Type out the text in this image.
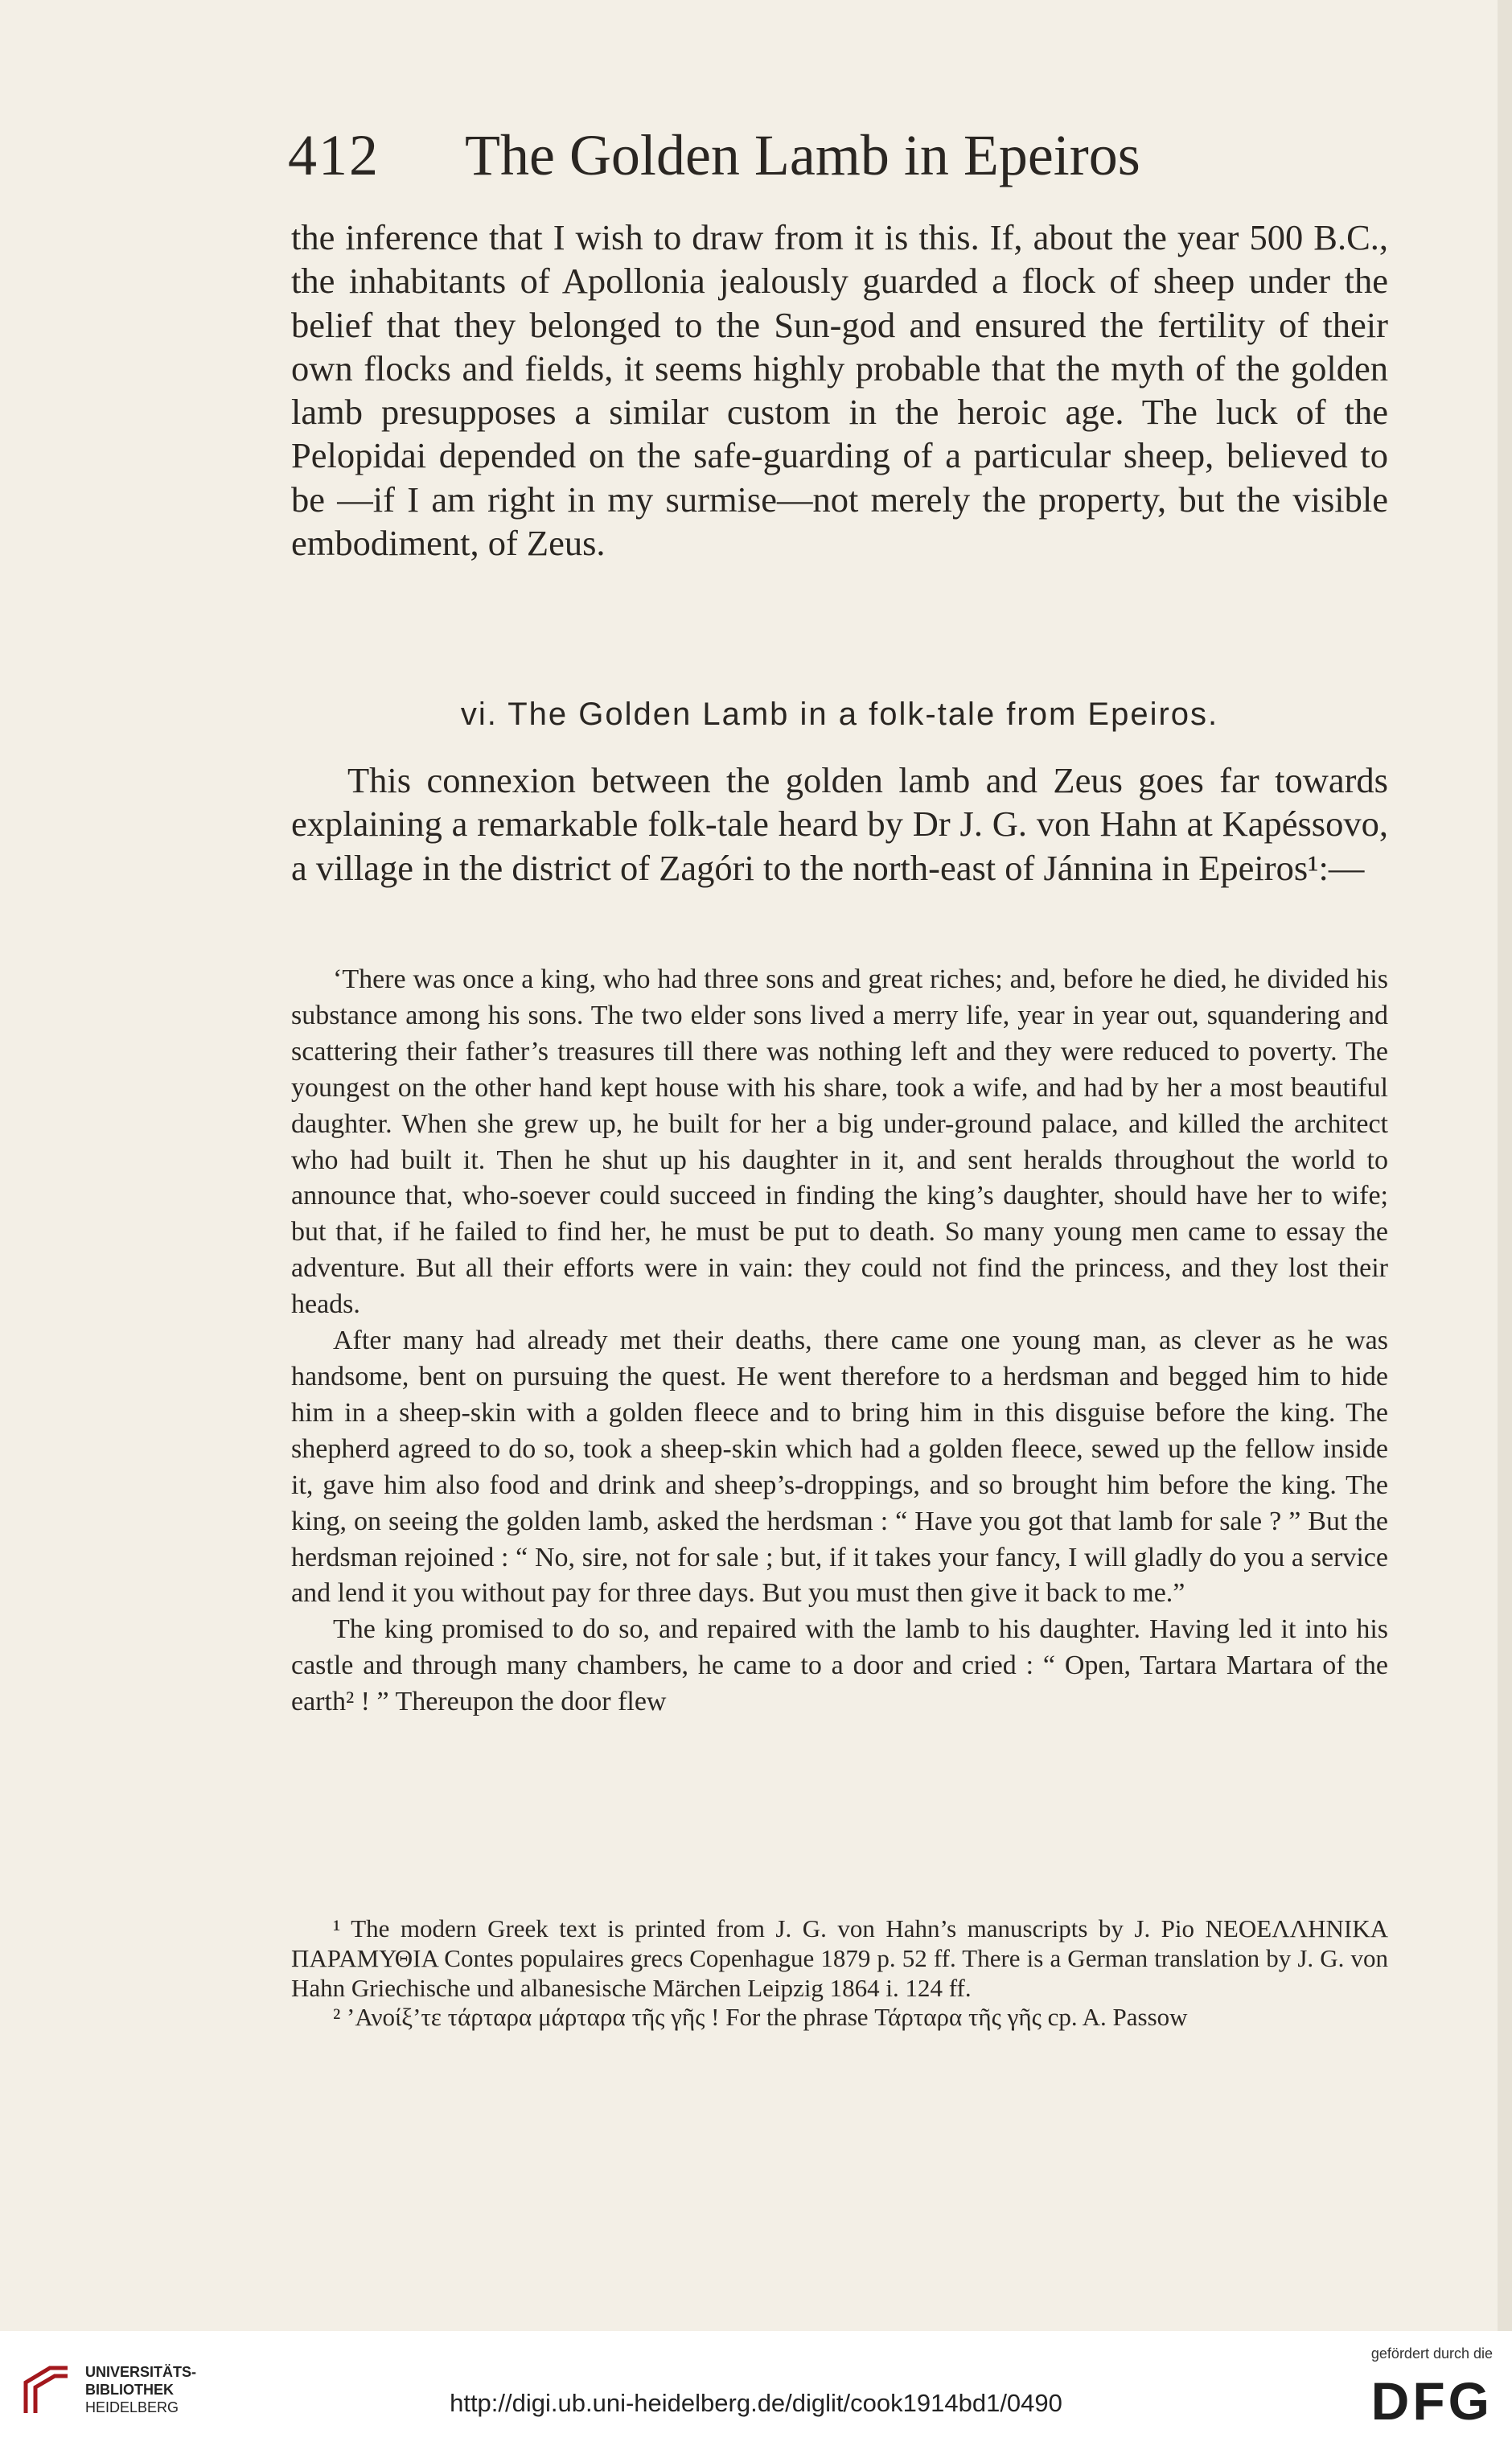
412 The Golden Lamb in Epeiros

the inference that I wish to draw from it is this. If, about the year 500 B.C., the inhabitants of Apollonia jealously guarded a flock of sheep under the belief that they belonged to the Sun-god and ensured the fertility of their own flocks and fields, it seems highly probable that the myth of the golden lamb presupposes a similar custom in the heroic age. The luck of the Pelopidai depended on the safe-guarding of a particular sheep, believed to be —if I am right in my surmise—not merely the property, but the visible embodiment, of Zeus.

vi. The Golden Lamb in a folk-tale from Epeiros.

This connexion between the golden lamb and Zeus goes far towards explaining a remarkable folk-tale heard by Dr J. G. von Hahn at Kapéssovo, a village in the district of Zagóri to the north-east of Jánnina in Epeiros¹:—

‘There was once a king, who had three sons and great riches; and, before he died, he divided his substance among his sons. The two elder sons lived a merry life, year in year out, squandering and scattering their father’s treasures till there was nothing left and they were reduced to poverty. The youngest on the other hand kept house with his share, took a wife, and had by her a most beautiful daughter. When she grew up, he built for her a big under-ground palace, and killed the architect who had built it. Then he shut up his daughter in it, and sent heralds throughout the world to announce that, who-soever could succeed in finding the king’s daughter, should have her to wife; but that, if he failed to find her, he must be put to death. So many young men came to essay the adventure. But all their efforts were in vain: they could not find the princess, and they lost their heads.

After many had already met their deaths, there came one young man, as clever as he was handsome, bent on pursuing the quest. He went therefore to a herdsman and begged him to hide him in a sheep-skin with a golden fleece and to bring him in this disguise before the king. The shepherd agreed to do so, took a sheep-skin which had a golden fleece, sewed up the fellow inside it, gave him also food and drink and sheep’s-droppings, and so brought him before the king. The king, on seeing the golden lamb, asked the herdsman : “ Have you got that lamb for sale ? ” But the herdsman rejoined : “ No, sire, not for sale ; but, if it takes your fancy, I will gladly do you a service and lend it you without pay for three days. But you must then give it back to me.”

The king promised to do so, and repaired with the lamb to his daughter. Having led it into his castle and through many chambers, he came to a door and cried : “ Open, Tartara Martara of the earth² ! ” Thereupon the door flew

¹ The modern Greek text is printed from J. G. von Hahn’s manuscripts by J. Pio ΝΕΟΕΛΛΗΝΙΚΑ ΠΑΡΑΜΥΘΙΑ Contes populaires grecs Copenhague 1879 p. 52 ff. There is a German translation by J. G. von Hahn Griechische und albanesische Märchen Leipzig 1864 i. 124 ff.

² ’Ανοίξ’τε τάρταρα μάρταρα τῆς γῆς ! For the phrase Τάρταρα τῆς γῆς cp. A. Passow

UNIVERSITÄTS-
BIBLIOTHEK
HEIDELBERG	http://digi.ub.uni-heidelberg.de/diglit/cook1914bd1/0490
gefördert durch die
DFG
